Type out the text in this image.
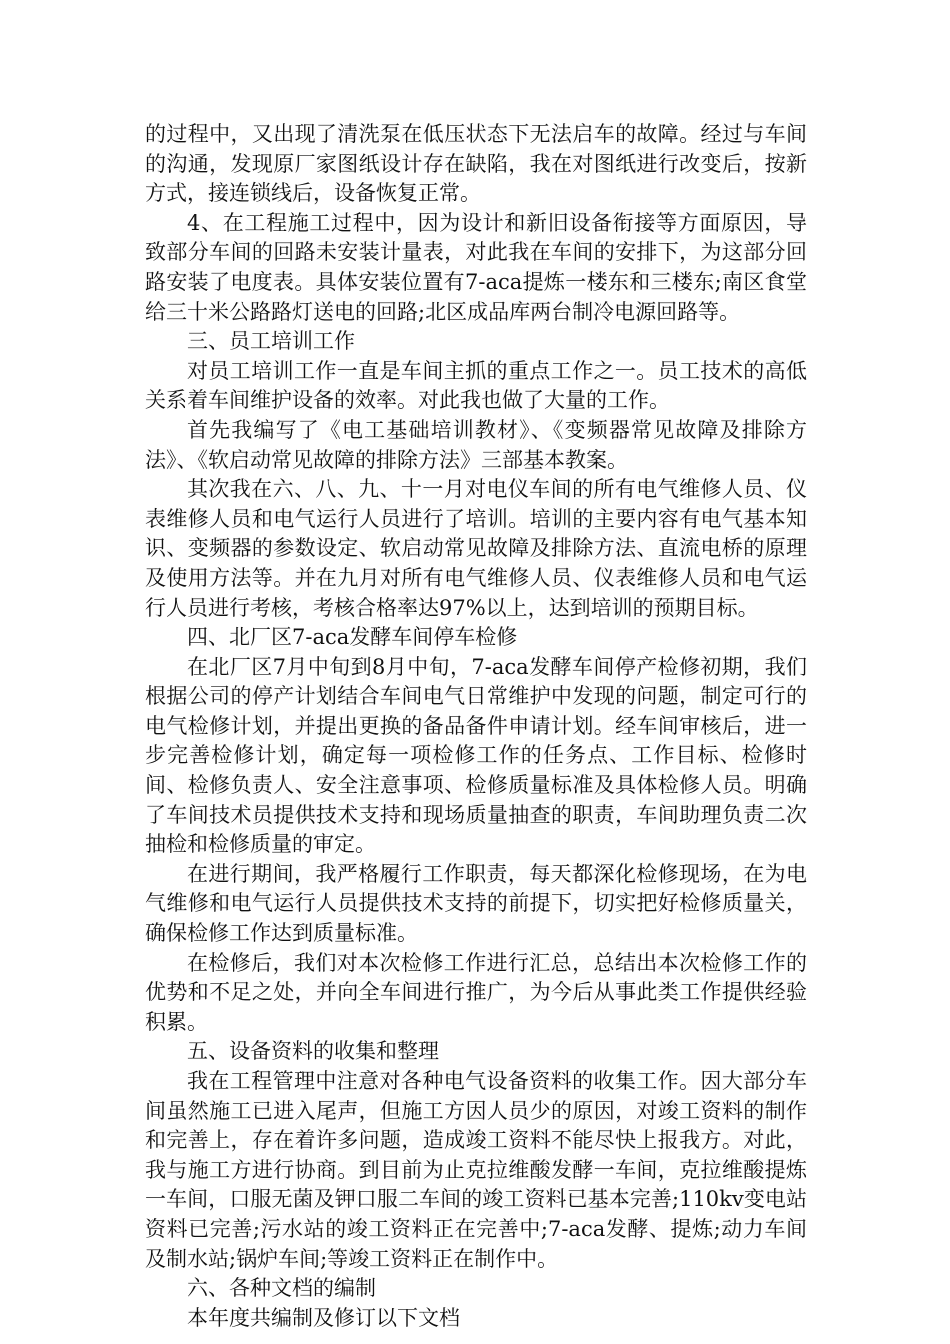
的过程中，又出现了清洗泵在低压状态下无法启车的故障。经过与车间的沟通，发现原厂家图纸设计存在缺陷，我在对图纸进行改变后，按新方式，接连锁线后，设备恢复正常。

4、在工程施工过程中，因为设计和新旧设备衔接等方面原因，导致部分车间的回路未安装计量表，对此我在车间的安排下，为这部分回路安装了电度表。具体安装位置有7-aca提炼一楼东和三楼东;南区食堂给三十米公路路灯送电的回路;北区成品库两台制冷电源回路等。

三、员工培训工作

对员工培训工作一直是车间主抓的重点工作之一。员工技术的高低关系着车间维护设备的效率。对此我也做了大量的工作。

首先我编写了《电工基础培训教材》、《变频器常见故障及排除方法》、《软启动常见故障的排除方法》三部基本教案。

其次我在六、八、九、十一月对电仪车间的所有电气维修人员、仪表维修人员和电气运行人员进行了培训。培训的主要内容有电气基本知识、变频器的参数设定、软启动常见故障及排除方法、直流电桥的原理及使用方法等。并在九月对所有电气维修人员、仪表维修人员和电气运行人员进行考核，考核合格率达97%以上，达到培训的预期目标。

四、北厂区7-aca发酵车间停车检修

在北厂区7月中旬到8月中旬，7-aca发酵车间停产检修初期，我们根据公司的停产计划结合车间电气日常维护中发现的问题，制定可行的电气检修计划，并提出更换的备品备件申请计划。经车间审核后，进一步完善检修计划，确定每一项检修工作的任务点、工作目标、检修时间、检修负责人、安全注意事项、检修质量标准及具体检修人员。明确了车间技术员提供技术支持和现场质量抽查的职责，车间助理负责二次抽检和检修质量的审定。

在进行期间，我严格履行工作职责，每天都深化检修现场，在为电气维修和电气运行人员提供技术支持的前提下，切实把好检修质量关，确保检修工作达到质量标准。

在检修后，我们对本次检修工作进行汇总，总结出本次检修工作的优势和不足之处，并向全车间进行推广，为今后从事此类工作提供经验积累。

五、设备资料的收集和整理

我在工程管理中注意对各种电气设备资料的收集工作。因大部分车间虽然施工已进入尾声，但施工方因人员少的原因，对竣工资料的制作和完善上，存在着许多问题，造成竣工资料不能尽快上报我方。对此，我与施工方进行协商。到目前为止克拉维酸发酵一车间，克拉维酸提炼一车间，口服无菌及钾口服二车间的竣工资料已基本完善;110kv变电站资料已完善;污水站的竣工资料正在完善中;7-aca发酵、提炼;动力车间及制水站;锅炉车间;等竣工资料正在制作中。

六、各种文档的编制

本年度共编制及修订以下文档
